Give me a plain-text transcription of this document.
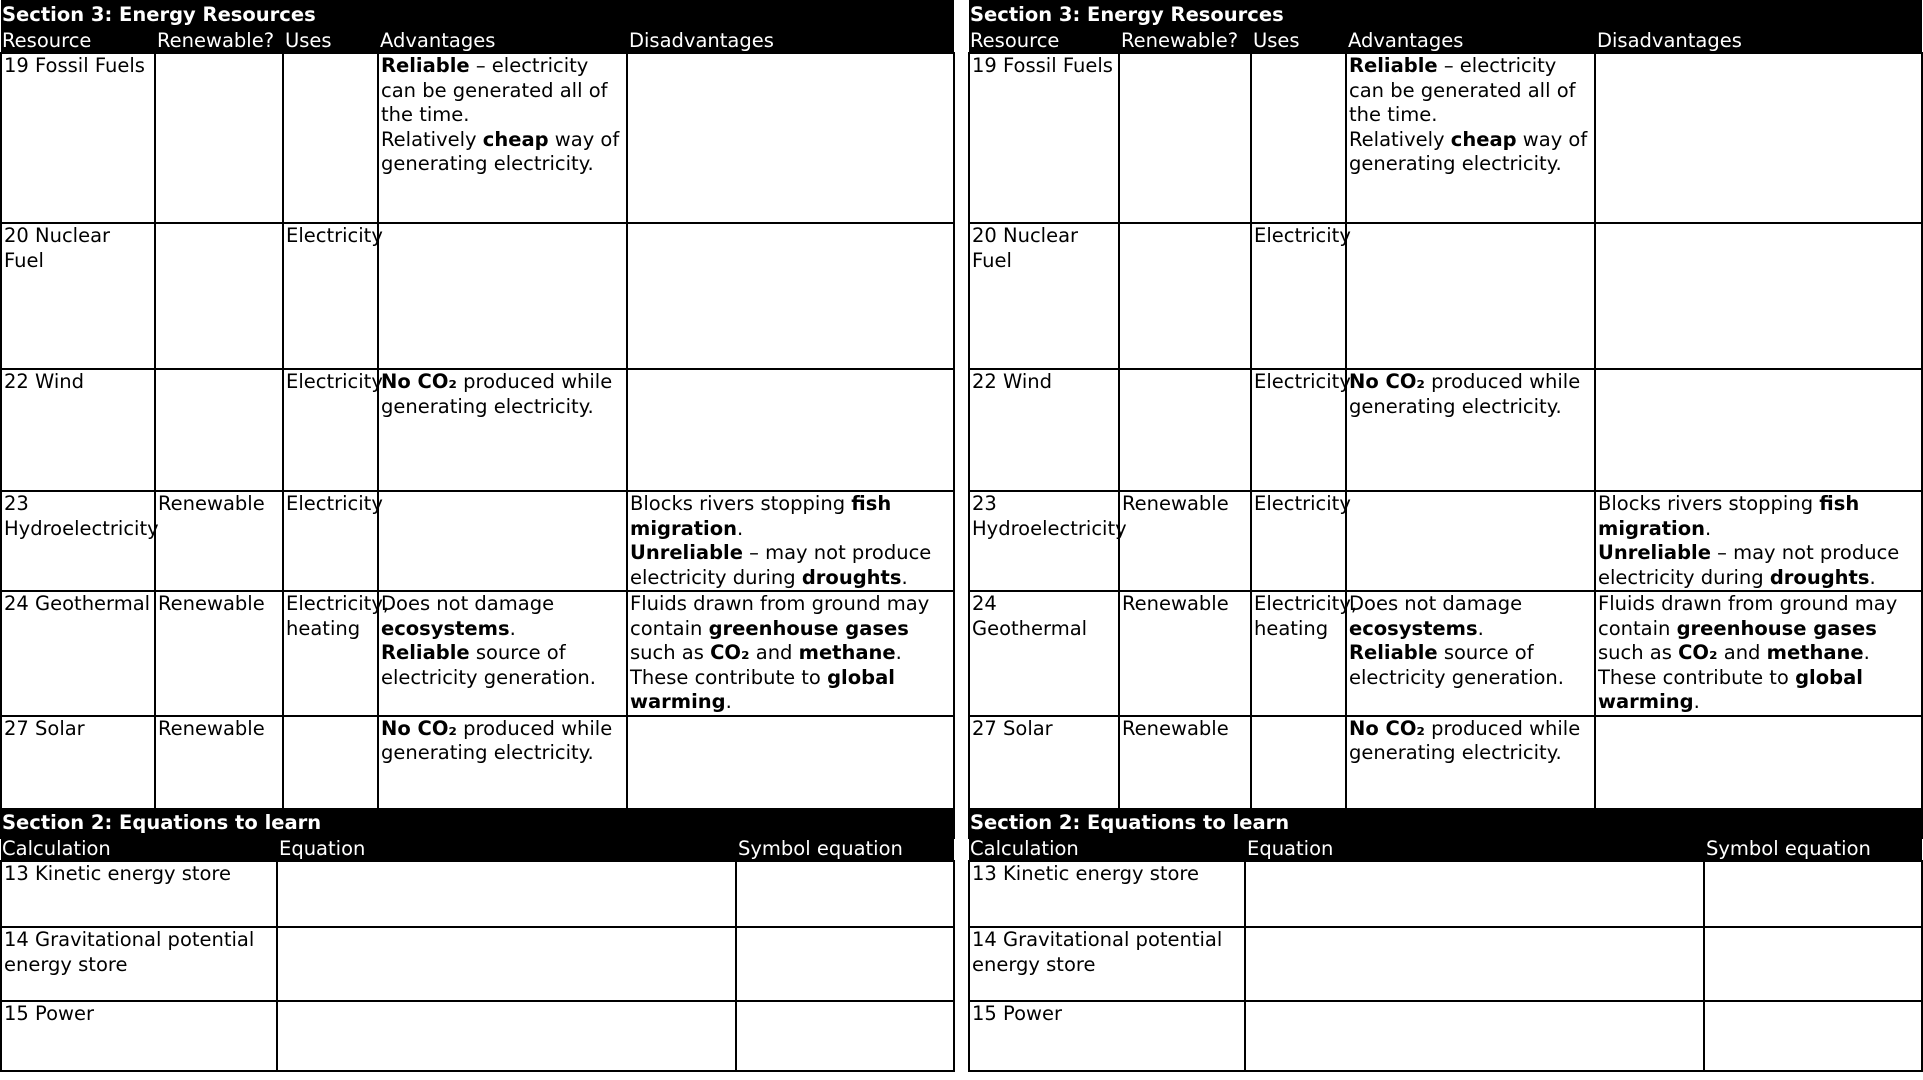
Section 3: Energy Resources				
Resource	Renewable?	Uses	Advantages	Disadvantages
19 Fossil Fuels			Reliable – electricity can be generated all of the time.
Relatively cheap way of generating electricity.	
20 Nuclear Fuel		Electricity		
22 Wind		Electricity	No CO₂ produced while generating electricity.	
23 Hydroelectricity	Renewable	Electricity		Blocks rivers stopping fish migration.
Unreliable – may not produce electricity during droughts.
24 Geothermal	Renewable	Electricity, heating	Does not damage ecosystems.
Reliable source of electricity generation.	Fluids drawn from ground may contain greenhouse gases such as CO₂ and methane. These contribute to global warming.
27 Solar	Renewable		No CO₂ produced while generating electricity.	
Section 2: Equations to learn		
Calculation	Equation	Symbol equation
13 Kinetic energy store		
14 Gravitational potential energy store		
15 Power		
Section 3: Energy Resources				
Resource	Renewable?	Uses	Advantages	Disadvantages
19 Fossil Fuels			Reliable – electricity can be generated all of the time.
Relatively cheap way of generating electricity.	
20 Nuclear Fuel		Electricity		
22 Wind		Electricity	No CO₂ produced while generating electricity.	
23 Hydroelectricity	Renewable	Electricity		Blocks rivers stopping fish migration.
Unreliable – may not produce electricity during droughts.
24 Geothermal	Renewable	Electricity, heating	Does not damage ecosystems.
Reliable source of electricity generation.	Fluids drawn from ground may contain greenhouse gases such as CO₂ and methane. These contribute to global warming.
27 Solar	Renewable		No CO₂ produced while generating electricity.	
Section 2: Equations to learn		
Calculation	Equation	Symbol equation
13 Kinetic energy store		
14 Gravitational potential energy store		
15 Power		
